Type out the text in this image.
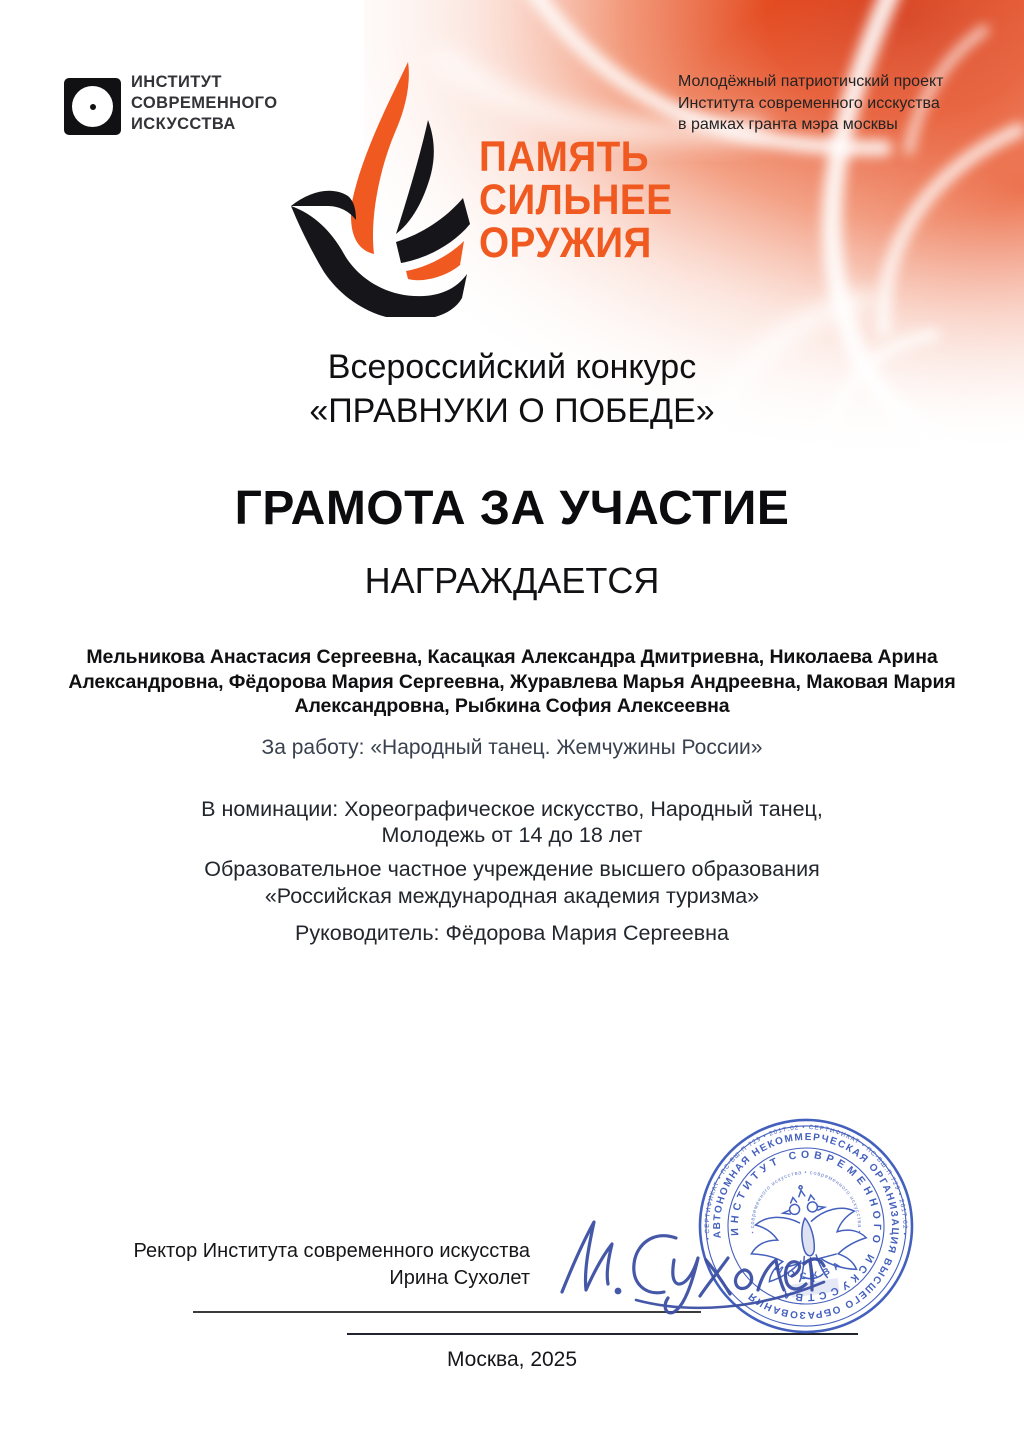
ИНСТИТУТ
СОВРЕМЕННОГО
ИСКУССТВА
ПАМЯТЬ
СИЛЬНЕЕ
ОРУЖИЯ
Молодёжный патриотичский проект
Института современного исскуства
в рамках гранта мэра москвы
Всероссийский конкурс
«ПРАВНУКИ О ПОБЕДЕ»
ГРАМОТА ЗА УЧАСТИЕ
НАГРАЖДАЕТСЯ
Мельникова Анастасия Сергеевна, Касацкая Александра Дмитриевна, Николаева Арина Александровна, Фёдорова Мария Сергеевна, Журавлева Марья Андреевна, Маковая Мария Александровна, Рыбкина София Алексеевна
За работу: «Народный танец. Жемчужины России»
В номинации: Хореографическое искусство, Народный танец,
Молодежь от 14 до 18 лет
Образовательное частное учреждение высшего образования
«Российская международная академия туризма»
Руководитель: Фёдорова Мария Сергеевна
Ректор Института современного искусства
Ирина Сухолет
• СЕРТИФИКАТ • ПС-ВШ.П 729 • 2017.02 • СЕРТИФИКАТ • ПС-ВШ.П 729 • 2017.02 •
АВТОНОМНАЯ НЕКОММЕРЧЕСКАЯ ОРГАНИЗАЦИЯ ВЫСШЕГО ОБРАЗОВАНИЯ
ИНСТИТУТ СОВРЕМЕННОГО ИСКУССТВА
• современного искусства • современного искусства •
МОСКВА
Москва, 2025
